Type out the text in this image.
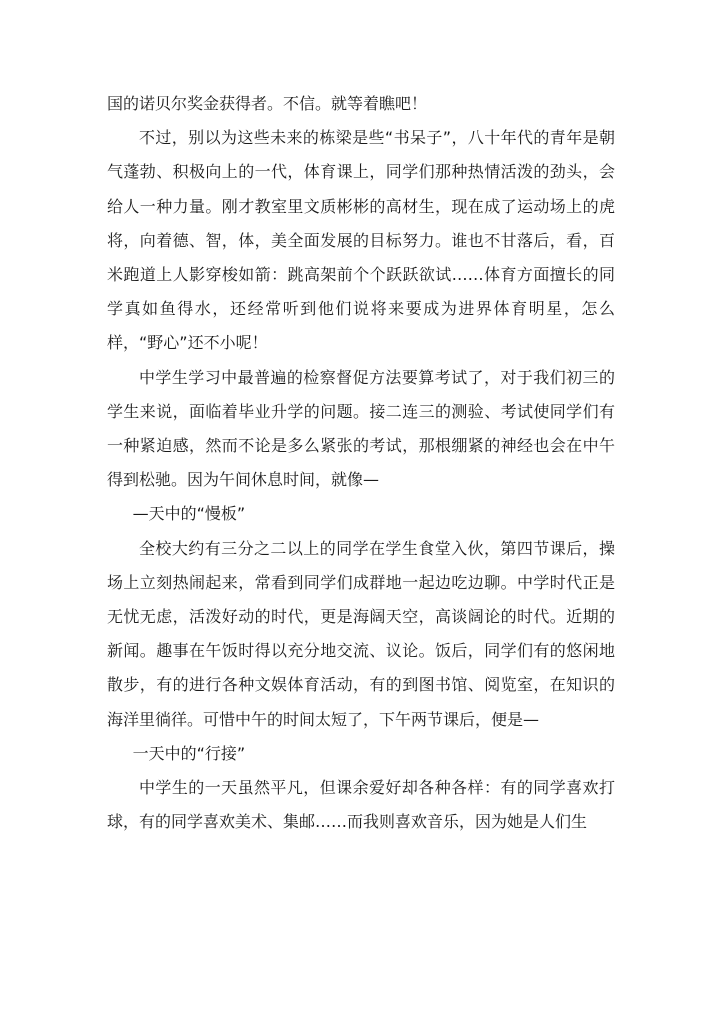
国的诺贝尔奖金获得者。不信。就等着瞧吧！

不过，别以为这些未来的栋梁是些“书呆子”，八十年代的青年是朝气蓬勃、积极向上的一代，体育课上，同学们那种热情活泼的劲头，会给人一种力量。刚才教室里文质彬彬的高材生，现在成了运动场上的虎将，向着德、智，体，美全面发展的目标努力。谁也不甘落后，看，百米跑道上人影穿梭如箭：跳高架前个个跃跃欲试……体育方面擅长的同学真如鱼得水，还经常听到他们说将来要成为进界体育明星，怎么样，“野心”还不小呢！

中学生学习中最普遍的检察督促方法要算考试了，对于我们初三的学生来说，面临着毕业升学的问题。接二连三的测验、考试使同学们有一种紧迫感，然而不论是多么紧张的考试，那根绷紧的神经也会在中午得到松驰。因为午间休息时间，就像—

—天中的“慢板”

全校大约有三分之二以上的同学在学生食堂入伙，第四节课后，操场上立刻热闹起来，常看到同学们成群地一起边吃边聊。中学时代正是无忧无虑，活泼好动的时代，更是海阔天空，高谈阔论的时代。近期的新闻。趣事在午饭时得以充分地交流、议论。饭后，同学们有的悠闲地散步，有的进行各种文娱体育活动，有的到图书馆、阅览室，在知识的海洋里徜徉。可惜中午的时间太短了，下午两节课后，便是—

一天中的“行接”

中学生的一天虽然平凡，但课余爱好却各种各样：有的同学喜欢打球，有的同学喜欢美术、集邮……而我则喜欢音乐，因为她是人们生
